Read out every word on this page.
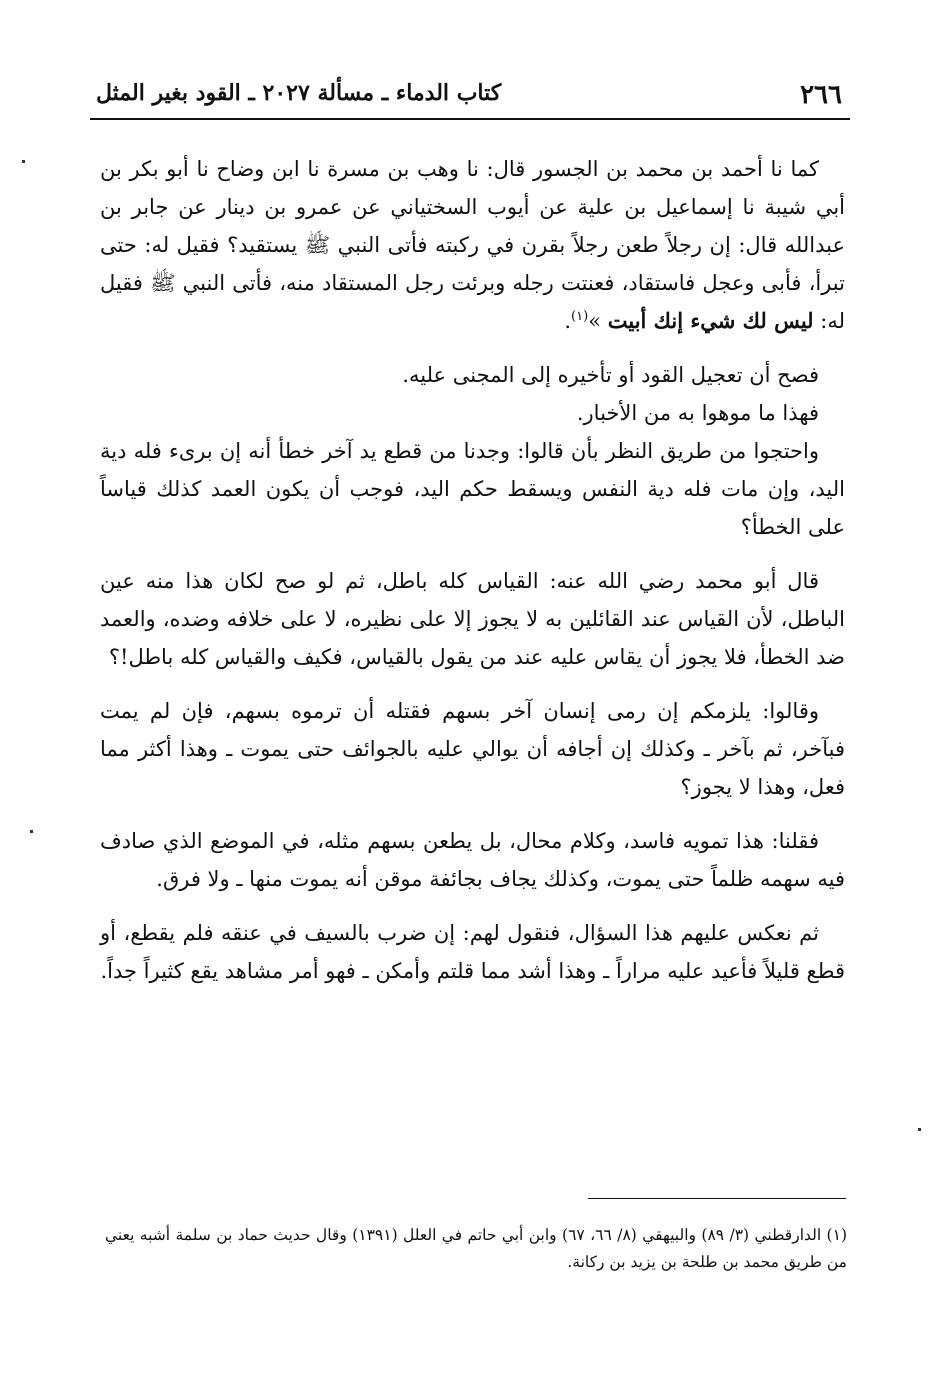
٢٦٦
كتاب الدماء ـ مسألة ٢٠٢٧ ـ القود بغير المثل

كما نا أحمد بن محمد بن الجسور قال: نا وهب بن مسرة نا ابن وضاح نا أبو بكر بن أبي شيبة نا إسماعيل بن علية عن أيوب السختياني عن عمرو بن دينار عن جابر بن عبدالله قال: إن رجلاً طعن رجلاً بقرن في ركبته فأتى النبي ﷺ يستقيد؟ فقيل له: حتى تبرأ، فأبى وعجل فاستقاد، فعنتت رجله وبرئت رجل المستقاد منه، فأتى النبي ﷺ فقيل له: ليس لك شيء إنك أبيت »$^{(١)}$.

فصح أن تعجيل القود أو تأخيره إلى المجنى عليه.

فهذا ما موهوا به من الأخبار.

واحتجوا من طريق النظر بأن قالوا: وجدنا من قطع يد آخر خطأ أنه إن برىء فله دية اليد، وإن مات فله دية النفس ويسقط حكم اليد، فوجب أن يكون العمد كذلك قياساً على الخطأ؟

قال أبو محمد رضي الله عنه: القياس كله باطل، ثم لو صح لكان هذا منه عين الباطل، لأن القياس عند القائلين به لا يجوز إلا على نظيره، لا على خلافه وضده، والعمد ضد الخطأ، فلا يجوز أن يقاس عليه عند من يقول بالقياس، فكيف والقياس كله باطل!؟

وقالوا: يلزمكم إن رمى إنسان آخر بسهم فقتله أن ترموه بسهم، فإن لم يمت فبآخر، ثم بآخر ـ وكذلك إن أجافه أن يوالي عليه بالجوائف حتى يموت ـ وهذا أكثر مما فعل، وهذا لا يجوز؟

فقلنا: هذا تمويه فاسد، وكلام محال، بل يطعن بسهم مثله، في الموضع الذي صادف فيه سهمه ظلماً حتى يموت، وكذلك يجاف بجائفة موقن أنه يموت منها ـ ولا فرق.

ثم نعكس عليهم هذا السؤال، فنقول لهم: إن ضرب بالسيف في عنقه فلم يقطع، أو قطع قليلاً فأعيد عليه مراراً ـ وهذا أشد مما قلتم وأمكن ـ فهو أمر مشاهد يقع كثيراً جداً.

(١) الدارقطني (٣/ ٨٩) والبيهقي (٨/ ٦٦، ٦٧) وابن أبي حاتم في العلل (١٣٩١) وقال حديث حماد بن سلمة أشبه يعني من طريق محمد بن طلحة بن يزيد بن ركانة.
